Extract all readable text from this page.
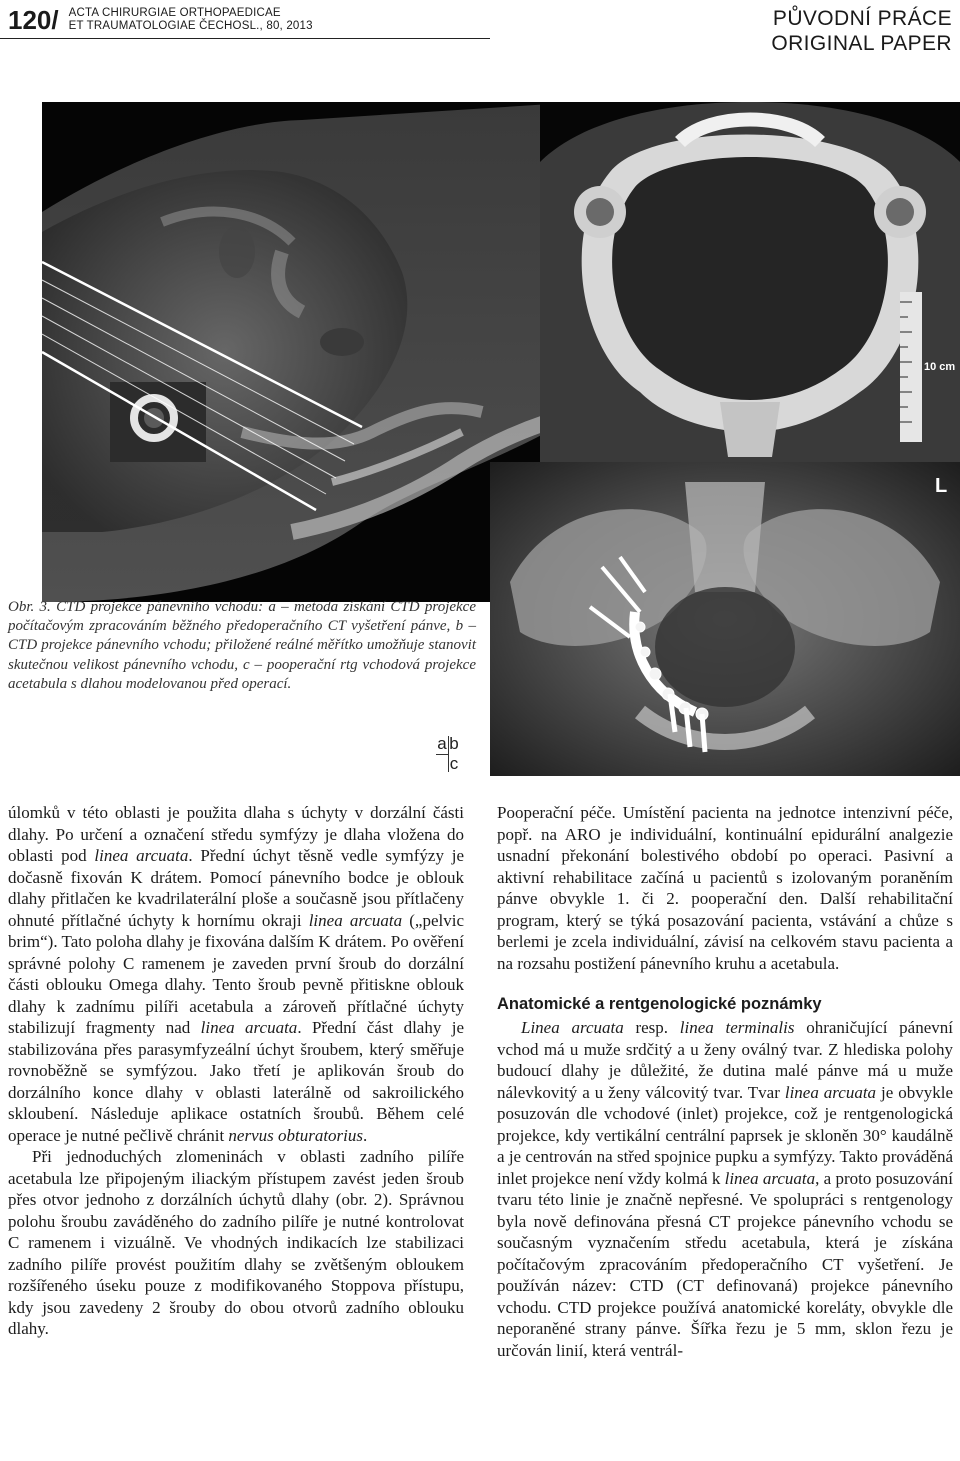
120/ ACTA CHIRURGIAE ORTHOPAEDICAE
ET TRAUMATOLOGIAE ČECHOSL., 80, 2013	PŮVODNÍ PRÁCE
ORIGINAL PAPER
10 cm
L
Obr. 3. CTD projekce pánevního vchodu: a – metoda získání CTD projekce počítačovým zpracováním běžného předoperačního CT vyšetření pánve, b – CTD projekce pánevního vchodu; přiložené reálné měřítko umožňuje stanovit skutečnou velikost pánevního vchodu, c – pooperační rtg vchodová projekce acetabula s dlahou modelovanou před operací.
a b
c

úlomků v této oblasti je použita dlaha s úchyty v dorzální části dlahy. Po určení a označení středu symfýzy je dlaha vložena do oblasti pod linea arcuata. Přední úchyt těsně vedle symfýzy je dočasně fixován K drátem. Pomocí pánevního bodce je oblouk dlahy přitlačen ke kvadrilaterální ploše a současně jsou přítlačeny ohnuté přítlačné úchyty k hornímu okraji linea arcuata („pelvic brim“). Tato poloha dlahy je fixována dalším K drátem. Po ověření správné polohy C ramenem je zaveden první šroub do dorzální části oblouku Omega dlahy. Tento šroub pevně přitiskne oblouk dlahy k zadnímu pilíři acetabula a zároveň přítlačné úchyty stabilizují fragmenty nad linea arcuata. Přední část dlahy je stabilizována přes parasymfyzeální úchyt šroubem, který směřuje rovnoběžně se symfýzou. Jako třetí je aplikován šroub do dorzálního konce dlahy v oblasti laterálně od sakroilického skloubení. Následuje aplikace ostatních šroubů. Během celé operace je nutné pečlivě chránit nervus obturatorius.

Při jednoduchých zlomeninách v oblasti zadního pilíře acetabula lze připojeným iliackým přístupem zavést jeden šroub přes otvor jednoho z dorzálních úchytů dlahy (obr. 2). Správnou polohu šroubu zaváděného do zadního pilíře je nutné kontrolovat C ramenem i vizuálně. Ve vhodných indikacích lze stabilizaci zadního pilíře provést použitím dlahy se zvětšeným obloukem rozšířeného úseku pouze z modifikovaného Stoppova přístupu, kdy jsou zavedeny 2 šrouby do obou otvorů zadního oblouku dlahy.

Pooperační péče. Umístění pacienta na jednotce intenzivní péče, popř. na ARO je individuální, kontinuální epidurální analgezie usnadní překonání bolestivého období po operaci. Pasivní a aktivní rehabilitace začíná u pacientů s izolovaným poraněním pánve obvykle 1. či 2. pooperační den. Další rehabilitační program, který se týká posazování pacienta, vstávání a chůze s berlemi je zcela individuální, závisí na celkovém stavu pacienta a na rozsahu postižení pánevního kruhu a acetabula.

Anatomické a rentgenologické poznámky

Linea arcuata resp. linea terminalis ohraničující pánevní vchod má u muže srdčitý a u ženy oválný tvar. Z hlediska polohy budoucí dlahy je důležité, že dutina malé pánve má u muže nálevkovitý a u ženy válcovitý tvar. Tvar linea arcuata je obvykle posuzován dle vchodové (inlet) projekce, což je rentgenologická projekce, kdy vertikální centrální paprsek je skloněn 30° kaudálně a je centrován na střed spojnice pupku a symfýzy. Takto prováděná inlet projekce není vždy kolmá k linea arcuata, a proto posuzování tvaru této linie je značně nepřesné. Ve spolupráci s rentgenology byla nově definována přesná CT projekce pánevního vchodu se současným vyznačením středu acetabula, která je získána počítačovým zpracováním předoperačního CT vyšetření. Je používán název: CTD (CT definovaná) projekce pánevního vchodu. CTD projekce používá anatomické koreláty, obvykle dle neporaněné strany pánve. Šířka řezu je 5 mm, sklon řezu je určován linií, která ventrál-
